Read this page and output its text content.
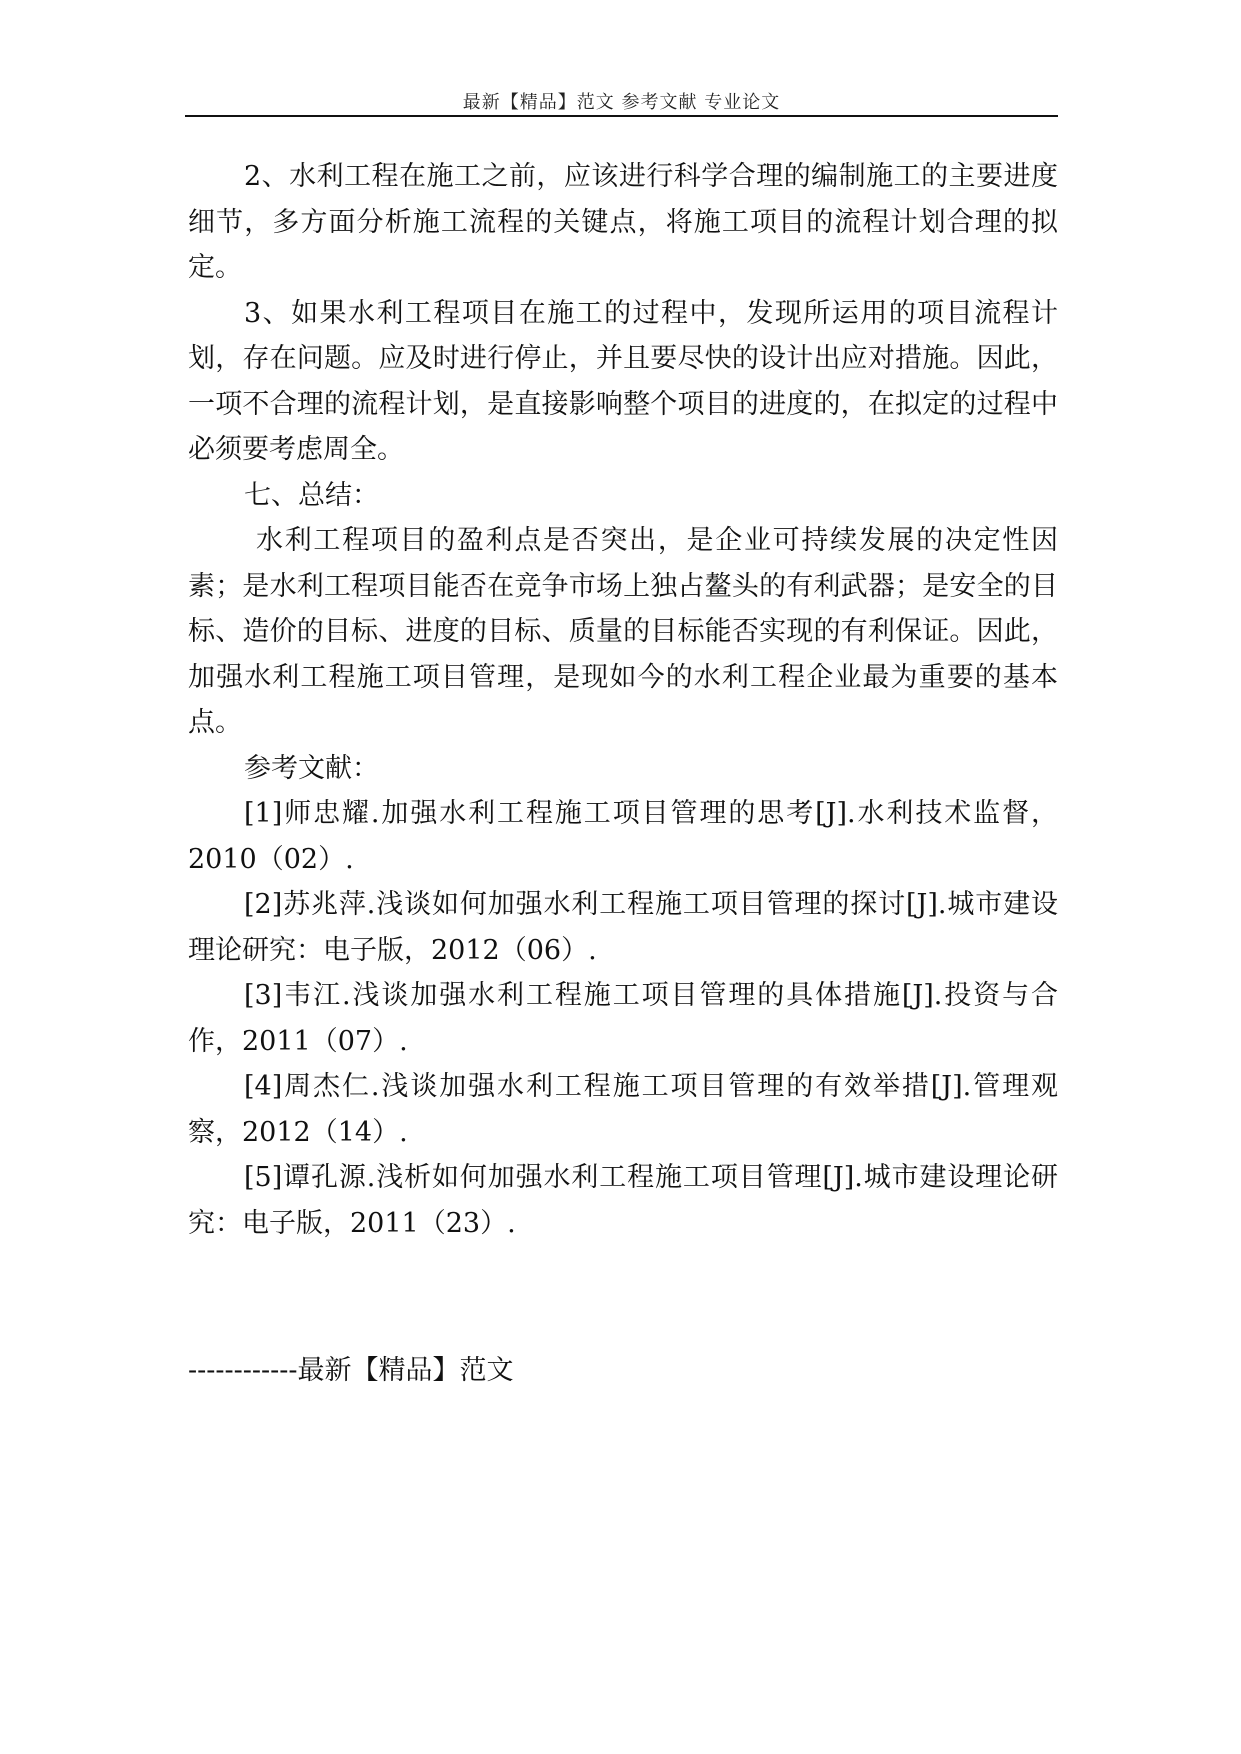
最新【精品】范文 参考文献 专业论文

2、水利工程在施工之前，应该进行科学合理的编制施工的主要进度细节，多方面分析施工流程的关键点，将施工项目的流程计划合理的拟定。

3、如果水利工程项目在施工的过程中，发现所运用的项目流程计划，存在问题。应及时进行停止，并且要尽快的设计出应对措施。因此，一项不合理的流程计划，是直接影响整个项目的进度的，在拟定的过程中必须要考虑周全。

七、总结：

水利工程项目的盈利点是否突出，是企业可持续发展的决定性因素；是水利工程项目能否在竞争市场上独占鳌头的有利武器；是安全的目标、造价的目标、进度的目标、质量的目标能否实现的有利保证。因此，加强水利工程施工项目管理，是现如今的水利工程企业最为重要的基本点。

参考文献：

[1]师忠耀.加强水利工程施工项目管理的思考[J].水利技术监督，2010（02）.

[2]苏兆萍.浅谈如何加强水利工程施工项目管理的探讨[J].城市建设理论研究：电子版，2012（06）.

[3]韦江.浅谈加强水利工程施工项目管理的具体措施[J].投资与合作，2011（07）.

[4]周杰仁.浅谈加强水利工程施工项目管理的有效举措[J].管理观察，2012（14）.

[5]谭孔源.浅析如何加强水利工程施工项目管理[J].城市建设理论研究：电子版，2011（23）.

------------最新【精品】范文
